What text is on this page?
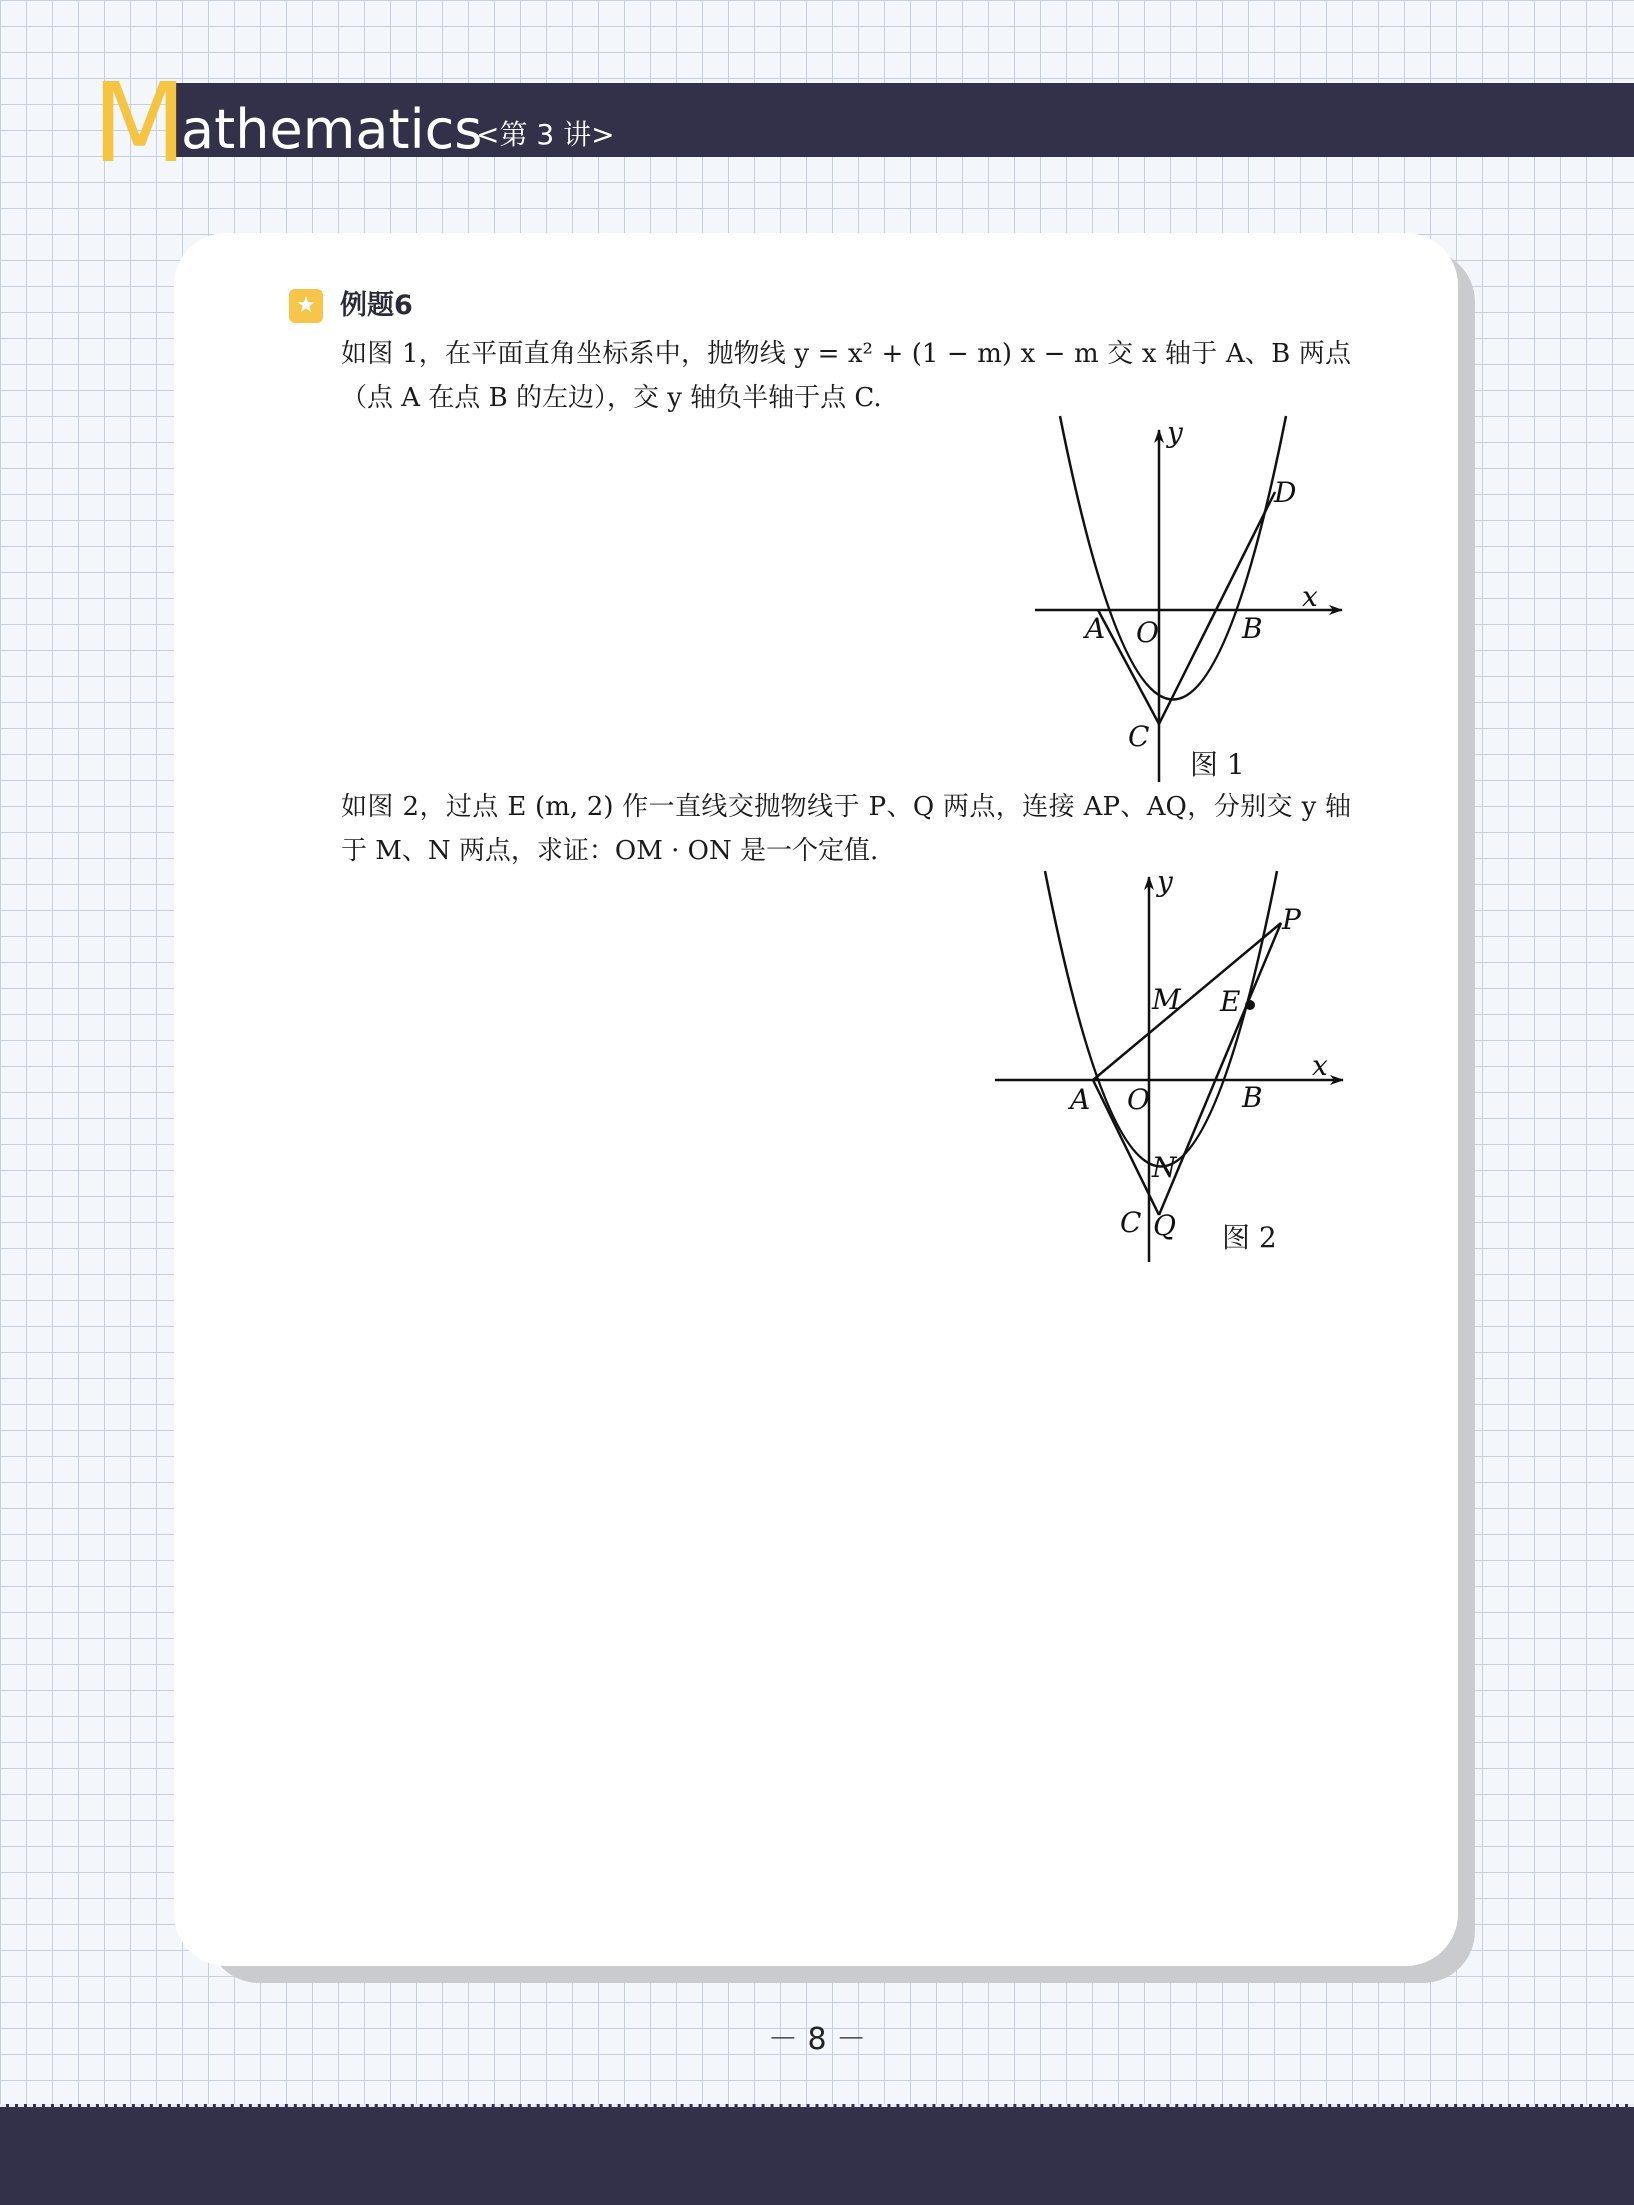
M
athematics
<第 3 讲>
★ 例题6
如图 1，在平面直角坐标系中，抛物线 y = x² + (1 − m) x − m 交 x 轴于 A、B 两点（点 A 在点 B 的左边），交 y 轴负半轴于点 C.
y
x
A O	B
C
D
图 1
如图 2，过点 E (m, 2) 作一直线交抛物线于 P、Q 两点，连接 AP、AQ，分别交 y 轴于 M、N 两点，求证：OM · ON 是一个定值.
y
x
A O	B
M E
P
N
C Q 图 2
－ 8 －
